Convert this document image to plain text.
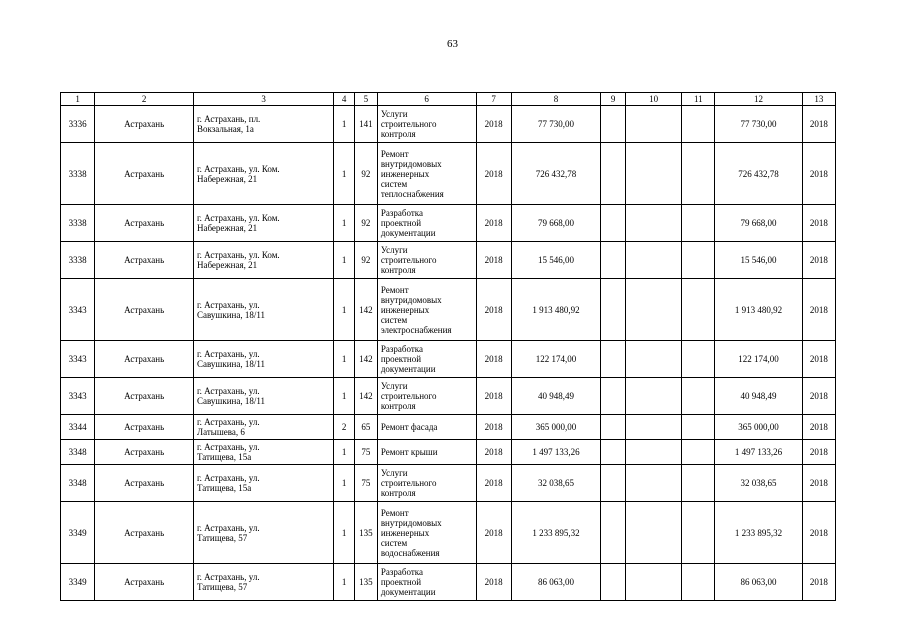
63
1	2	3	4	5	6	7	8	9	10	11	12	13
3336	Астрахань	г. Астрахань, пл.
Вокзальная, 1а	1	141	Услуги
строительного
контроля	2018	77 730,00				77 730,00	2018
3338	Астрахань	г. Астрахань, ул. Ком.
Набережная, 21	1	92	Ремонт
внутридомовых
инженерных
систем
теплоснабжения	2018	726 432,78				726 432,78	2018
3338	Астрахань	г. Астрахань, ул. Ком.
Набережная, 21	1	92	Разработка
проектной
документации	2018	79 668,00				79 668,00	2018
3338	Астрахань	г. Астрахань, ул. Ком.
Набережная, 21	1	92	Услуги
строительного
контроля	2018	15 546,00				15 546,00	2018
3343	Астрахань	г. Астрахань, ул.
Савушкина, 18/11	1	142	Ремонт
внутридомовых
инженерных
систем
электроснабжения	2018	1 913 480,92				1 913 480,92	2018
3343	Астрахань	г. Астрахань, ул.
Савушкина, 18/11	1	142	Разработка
проектной
документации	2018	122 174,00				122 174,00	2018
3343	Астрахань	г. Астрахань, ул.
Савушкина, 18/11	1	142	Услуги
строительного
контроля	2018	40 948,49				40 948,49	2018
3344	Астрахань	г. Астрахань, ул.
Латышева, 6	2	65	Ремонт фасада	2018	365 000,00				365 000,00	2018
3348	Астрахань	г. Астрахань, ул.
Татищева, 15а	1	75	Ремонт крыши	2018	1 497 133,26				1 497 133,26	2018
3348	Астрахань	г. Астрахань, ул.
Татищева, 15а	1	75	Услуги
строительного
контроля	2018	32 038,65				32 038,65	2018
3349	Астрахань	г. Астрахань, ул.
Татищева, 57	1	135	Ремонт
внутридомовых
инженерных
систем
водоснабжения	2018	1 233 895,32				1 233 895,32	2018
3349	Астрахань	г. Астрахань, ул.
Татищева, 57	1	135	Разработка
проектной
документации	2018	86 063,00				86 063,00	2018
